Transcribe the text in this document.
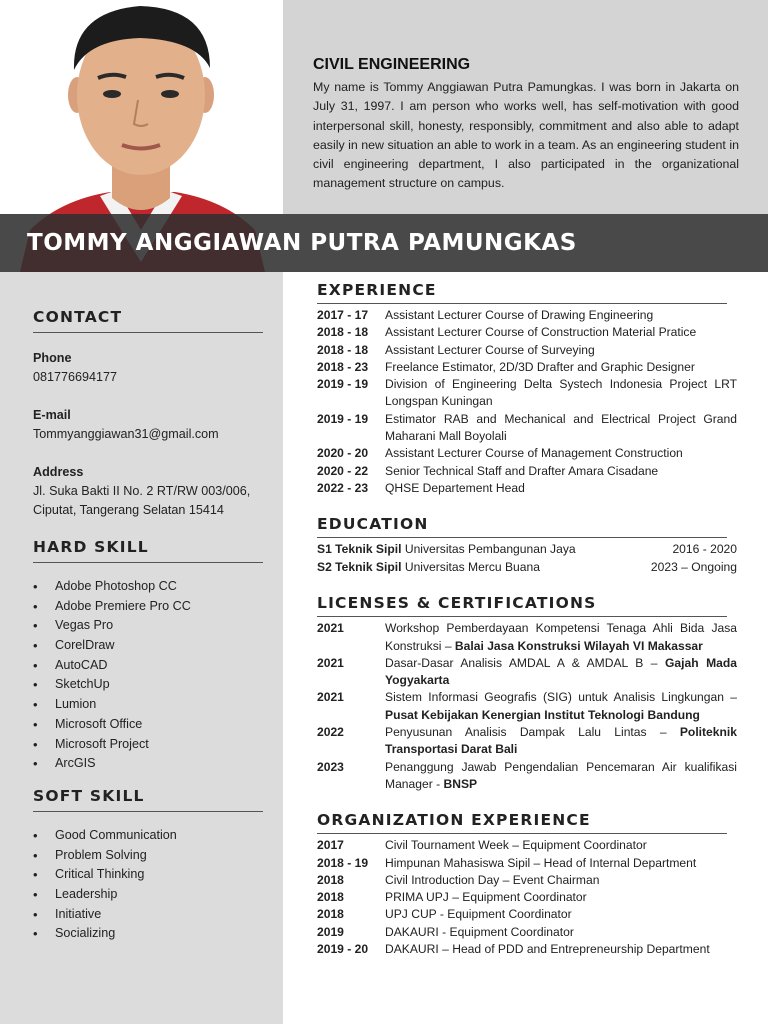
CIVIL ENGINEERING

My name is Tommy Anggiawan Putra Pamungkas. I was born in Jakarta on July 31, 1997. I am person who works well, has self-motivation with good interpersonal skill, honesty, responsibly, commitment and also able to adapt easily in new situation an able to work in a team. As an engineering student in civil engineering department, I also participated in the organizational management structure on campus.

TOMMY ANGGIAWAN PUTRA PAMUNGKAS
CONTACT
Phone
081776694177
E-mail
Tommyanggiawan31@gmail.com
Address
Jl. Suka Bakti II No. 2 RT/RW 003/006,
Ciputat, Tangerang Selatan 15414
HARD SKILL
• Adobe Photoshop CC
• Adobe Premiere Pro CC
• Vegas Pro
• CorelDraw
• AutoCAD
• SketchUp
• Lumion
• Microsoft Office
• Microsoft Project
• ArcGIS
SOFT SKILL
• Good Communication
• Problem Solving
• Critical Thinking
• Leadership
• Initiative
• Socializing
EXPERIENCE
2017 - 17	Assistant Lecturer Course of Drawing Engineering
2018 - 18	Assistant Lecturer Course of Construction Material Pratice
2018 - 18	Assistant Lecturer Course of Surveying
2018 - 23	Freelance Estimator, 2D/3D Drafter and Graphic Designer
2019 - 19	Division of Engineering Delta Systech Indonesia Project LRT Longspan Kuningan
2019 - 19	Estimator RAB and Mechanical and Electrical Project Grand Maharani Mall Boyolali
2020 - 20	Assistant Lecturer Course of Management Construction
2020 - 22	Senior Technical Staff and Drafter Amara Cisadane
2022 - 23	QHSE Departement Head
EDUCATION
S1 Teknik Sipil Universitas Pembangunan Jaya	2016 - 2020
S2 Teknik Sipil Universitas Mercu Buana	2023 – Ongoing
LICENSES & CERTIFICATIONS
2021	Workshop Pemberdayaan Kompetensi Tenaga Ahli Bida Jasa Konstruksi – Balai Jasa Konstruksi Wilayah VI Makassar
2021	Dasar-Dasar Analisis AMDAL A & AMDAL B – Gajah Mada Yogyakarta
2021	Sistem Informasi Geografis (SIG) untuk Analisis Lingkungan – Pusat Kebijakan Kenergian Institut Teknologi Bandung
2022	Penyusunan Analisis Dampak Lalu Lintas – Politeknik Transportasi Darat Bali
2023	Penanggung Jawab Pengendalian Pencemaran Air kualifikasi Manager - BNSP
ORGANIZATION EXPERIENCE
2017	Civil Tournament Week – Equipment Coordinator
2018 - 19	Himpunan Mahasiswa Sipil – Head of Internal Department
2018	Civil Introduction Day – Event Chairman
2018	PRIMA UPJ – Equipment Coordinator
2018	UPJ CUP - Equipment Coordinator
2019	DAKAURI - Equipment Coordinator
2019 - 20	DAKAURI – Head of PDD and Entrepreneurship Department
